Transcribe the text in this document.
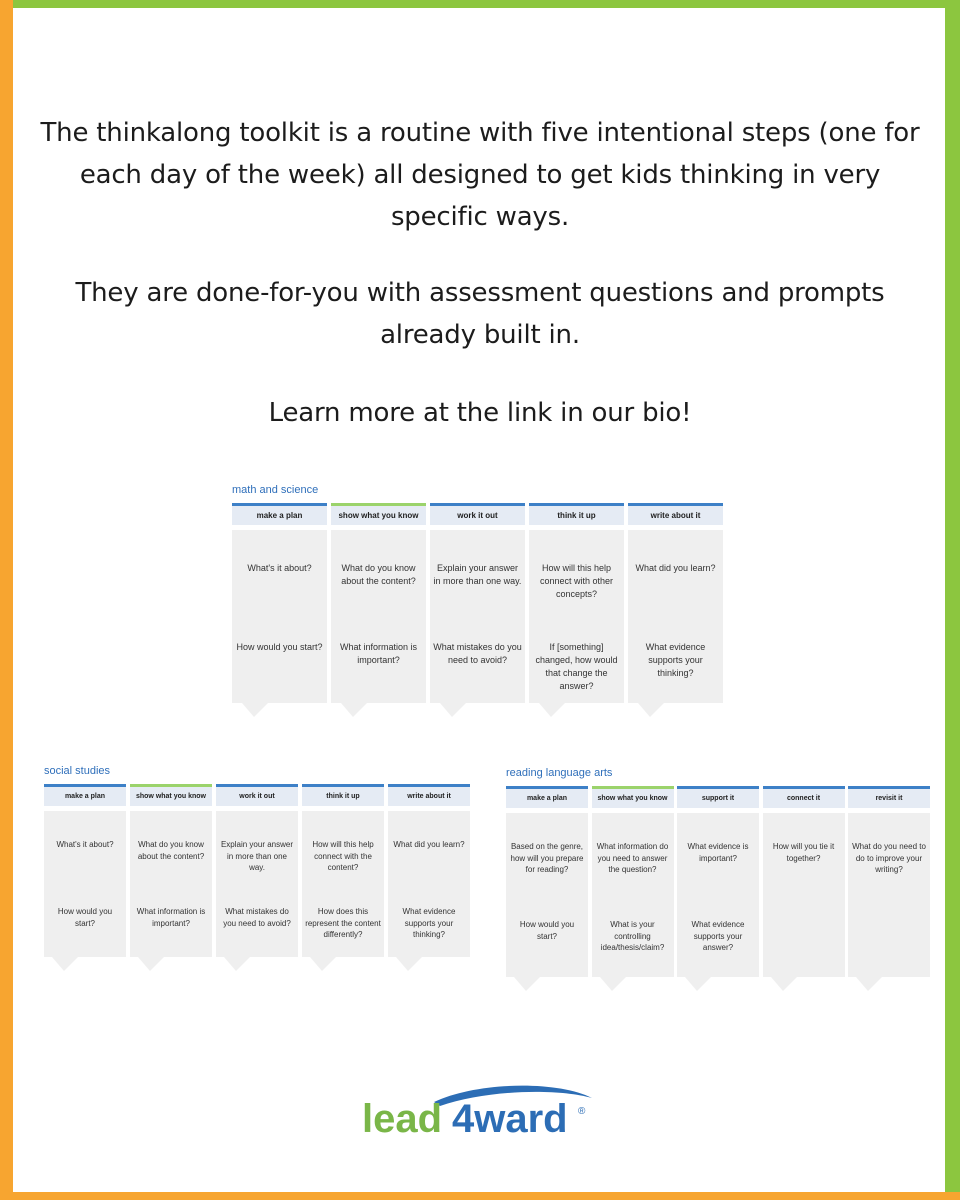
The thinkalong toolkit is a routine with five intentional steps (one for each day of the week) all designed to get kids thinking in very specific ways.

They are done-for-you with assessment questions and prompts already built in.

Learn more at the link in our bio!

math and science
make a plan
What's it about?
How would you start?
show what you know
What do you know about the content?
What information is important?
work it out
Explain your answer in more than one way.
What mistakes do you need to avoid?
think it up
How will this help connect with other concepts?
If [something] changed, how would that change the answer?
write about it
What did you learn?
What evidence supports your thinking?
social studies
make a plan
What's it about?
How would you start?
show what you know
What do you know about the content?
What information is important?
work it out
Explain your answer in more than one way.
What mistakes do you need to avoid?
think it up
How will this help connect with the content?
How does this represent the content differently?
write about it
What did you learn?
What evidence supports your thinking?
reading language arts
make a plan
Based on the genre, how will you prepare for reading?
How would you start?
show what you know
What information do you need to answer the question?
What is your controlling idea/thesis/claim?
support it
What evidence is important?
What evidence supports your answer?
connect it
How will you tie it together?
revisit it
What do you need to do to improve your writing?
lead 4ward ®
